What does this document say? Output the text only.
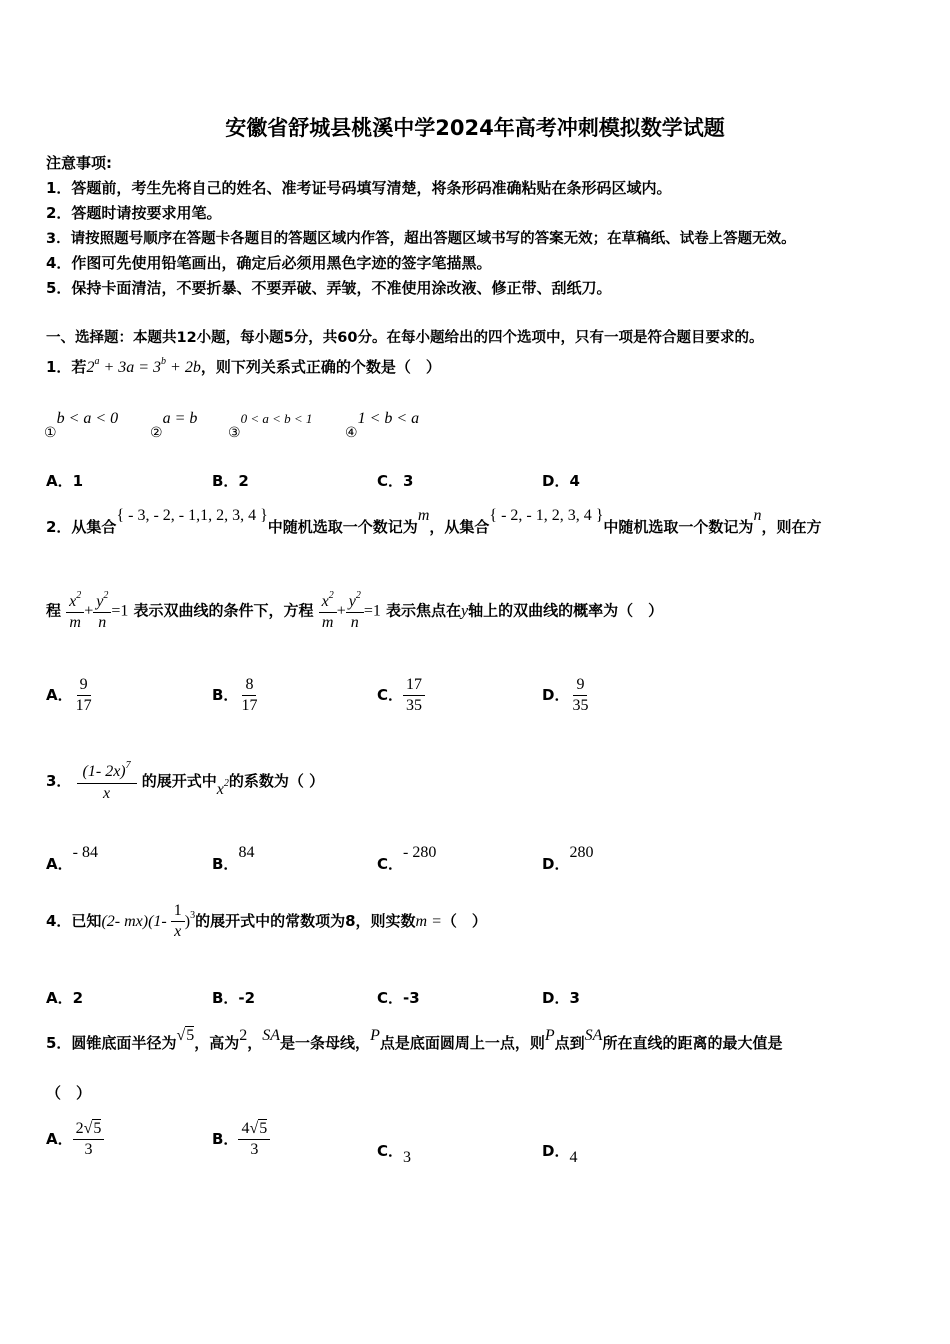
安徽省舒城县桃溪中学2024年高考冲刺模拟数学试题
注意事项:
1．答题前，考生先将自己的姓名、准考证号码填写清楚，将条形码准确粘贴在条形码区域内。
2．答题时请按要求用笔。
3．请按照题号顺序在答题卡各题目的答题区域内作答，超出答题区域书写的答案无效；在草稿纸、试卷上答题无效。
4．作图可先使用铅笔画出，确定后必须用黑色字迹的签字笔描黑。
5．保持卡面清洁，不要折暴、不要弄破、弄皱，不准使用涂改液、修正带、刮纸刀。
一、选择题：本题共12小题，每小题5分，共60分。在每小题给出的四个选项中，只有一项是符合题目要求的。
1．若$2^a + 3a = 3^b + 2b$，则下列关系式正确的个数是（　）
①b < a < 0
②a = b
③0 < a < b < 1
④1 < b < a
A．1	B．2	C．3	D．4
2．从集合{ - 3, - 2, - 1,1, 2, 3, 4 }中随机选取一个数记为m，从集合{ - 2, - 1, 2, 3, 4 }中随机选取一个数记为n，则在方
程 $\frac{x^2}{m} + \frac{y^2}{n} =1$ 表示双曲线的条件下，方程 $\frac{x^2}{m} + \frac{y^2}{n} =1$ 表示焦点在y轴上的双曲线的概率为（　）
A． $\frac{9}{17}$	B． $\frac{8}{17}$	C． $\frac{17}{35}$	D． $\frac{9}{35}$
3． $\frac{(1- 2x)^7}{x}$ 的展开式中$x^2$的系数为（ ）
A．- 84
B．84
C．- 280
D．280
4．已知(2- $mx)(1- \frac{1}{x} )^3$的展开式中的常数项为8，则实数m =（　）
A．2	B．-2	C．-3	D．3
5．圆锥底面半径为√5，高为2，SA是一条母线，P点是底面圆周上一点，则P点到SA所在直线的距离的最大值是
（　）
A． $\frac{2√5}{3}$	B． $\frac{4√5}{3}$	C．3	D．4
